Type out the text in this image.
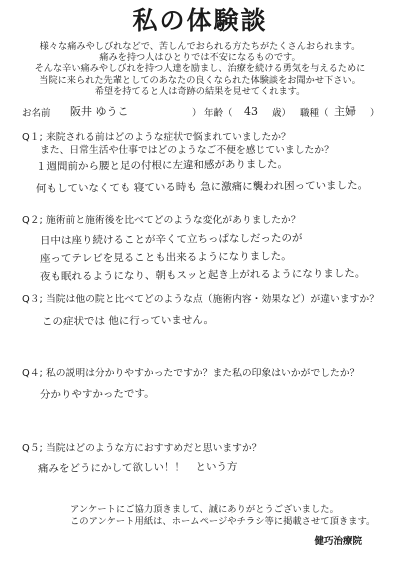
私の体験談
様々な痛みやしびれなどで、苦しんでおられる方たちがたくさんおられます。
痛みを持つ人はひとりでは不安になるものです。
そんな辛い痛みやしびれを持つ人達を励まし、治療を続ける勇気を与えるために
当院に来られた先輩としてのあなたの良くなられた体験談をお聞かせ下さい。
希望を持てると人は奇跡の結果を見せてくれます。
お名前 阪井 ゆうこ	） 年齢（ 43 歳） 職種（ 主婦 ）
Q１; 来院される前はどのような症状で悩まれていましたか？
また、日常生活や仕事ではどのようなご不便を感じていましたか？
１週間前から腰と足の付根に左違和感がありました。
何もしていなくても 寝ている時も 急に激痛に襲われ困っていました。
Q２; 施術前と施術後を比べてどのような変化がありましたか？
日中は座り続けることが辛くて立ちっぱなしだったのが
座ってテレビを見ることも出来るようになりました。
夜も眠れるようになり、朝もスッと起き上がれるようになりました。
Q３; 当院は他の院と比べてどのような点（施術内容・効果など）が違いますか？
この症状では 他に行っていません。
Q４; 私の説明は分かりやすかったですか？また私の印象はいかがでしたか？
分かりやすかったです。
Q５; 当院はどのような方におすすめだと思いますか？
痛みをどうにかして欲しい！！　という方
アンケートにご協力頂きまして、誠にありがとうございました。
このアンケート用紙は、ホームページやチラシ等に掲載させて頂きます。
健巧治療院
